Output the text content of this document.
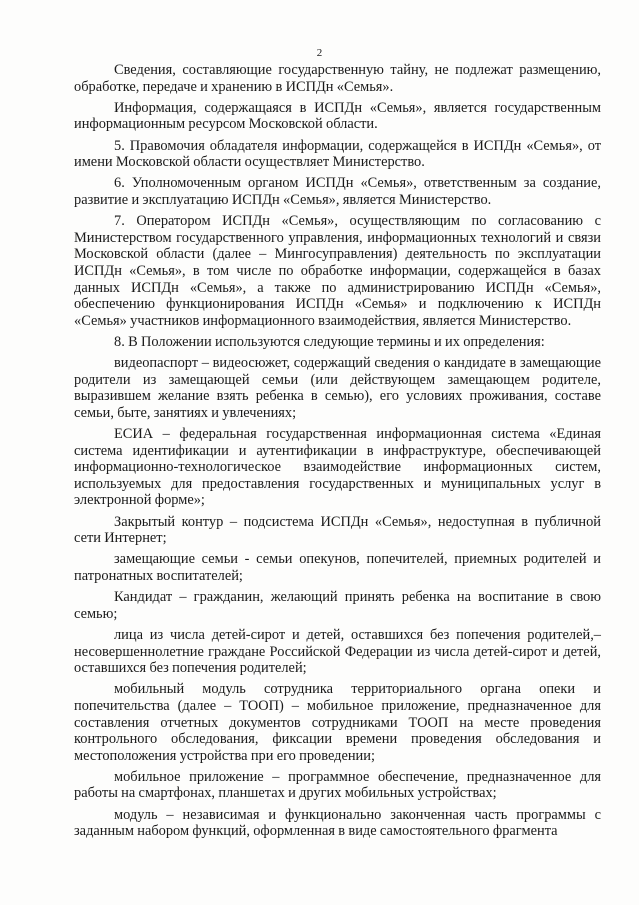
2

Сведения, составляющие государственную тайну, не подлежат размещению, обработке, передаче и хранению в ИСПДн «Семья».

Информация, содержащаяся в ИСПДн «Семья», является государственным информационным ресурсом Московской области.

5. Правомочия обладателя информации, содержащейся в ИСПДн «Семья», от имени Московской области осуществляет Министерство.

6. Уполномоченным органом ИСПДн «Семья», ответственным за создание, развитие и эксплуатацию ИСПДн «Семья», является Министерство.

7. Оператором ИСПДн «Семья», осуществляющим по согласованию с Министерством государственного управления, информационных технологий и связи Московской области (далее – Мингосуправления) деятельность по эксплуатации ИСПДн «Семья», в том числе по обработке информации, содержащейся в базах данных ИСПДн «Семья», а также по администрированию ИСПДн «Семья», обеспечению функционирования ИСПДн «Семья» и подключению к ИСПДн «Семья» участников информационного взаимодействия, является Министерство.

8. В Положении используются следующие термины и их определения:

видеопаспорт – видеосюжет, содержащий сведения о кандидате в замещающие родители из замещающей семьи (или действующем замещающем родителе, выразившем желание взять ребенка в семью), его условиях проживания, составе семьи, быте, занятиях и увлечениях;

ЕСИА – федеральная государственная информационная система «Единая система идентификации и аутентификации в инфраструктуре, обеспечивающей информационно-технологическое взаимодействие информационных систем, используемых для предоставления государственных и муниципальных услуг в электронной форме»;

Закрытый контур – подсистема ИСПДн «Семья», недоступная в публичной сети Интернет;

замещающие семьи - семьи опекунов, попечителей, приемных родителей и патронатных воспитателей;

Кандидат – гражданин, желающий принять ребенка на воспитание в свою семью;

лица из числа детей-сирот и детей, оставшихся без попечения родителей,– несовершеннолетние граждане Российской Федерации из числа детей-сирот и детей, оставшихся без попечения родителей;

мобильный модуль сотрудника территориального органа опеки и попечительства (далее – ТООП) – мобильное приложение, предназначенное для составления отчетных документов сотрудниками ТООП на месте проведения контрольного обследования, фиксации времени проведения обследования и местоположения устройства при его проведении;

мобильное приложение – программное обеспечение, предназначенное для работы на смартфонах, планшетах и других мобильных устройствах;

модуль – независимая и функционально законченная часть программы с заданным набором функций, оформленная в виде самостоятельного фрагмента
